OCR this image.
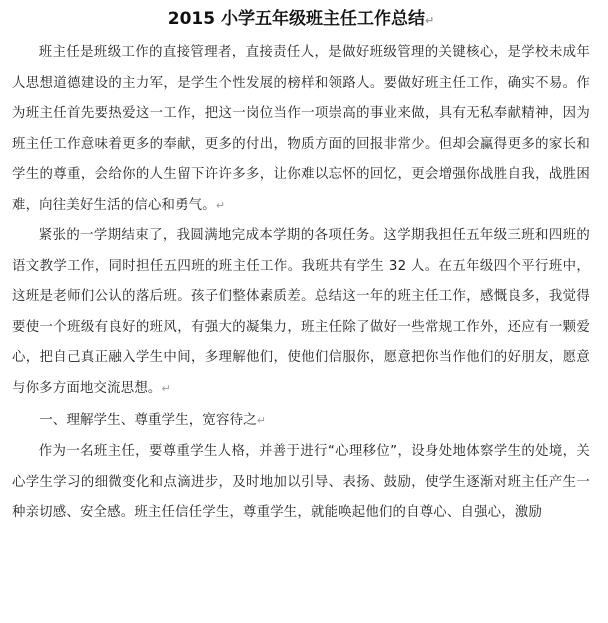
2015 小学五年级班主任工作总结↵

班主任是班级工作的直接管理者，直接责任人，是做好班级管理的关键核心，是学校未成年人思想道德建设的主力军，是学生个性发展的榜样和领路人。要做好班主任工作，确实不易。作为班主任首先要热爱这一工作，把这一岗位当作一项崇高的事业来做，具有无私奉献精神，因为班主任工作意味着更多的奉献，更多的付出，物质方面的回报非常少。但却会赢得更多的家长和学生的尊重，会给你的人生留下许许多多，让你难以忘怀的回忆，更会增强你战胜自我，战胜困难，向往美好生活的信心和勇气。↵

紧张的一学期结束了，我圆满地完成本学期的各项任务。这学期我担任五年级三班和四班的语文教学工作，同时担任五四班的班主任工作。我班共有学生 32 人。在五年级四个平行班中，这班是老师们公认的落后班。孩子们整体素质差。总结这一年的班主任工作，感慨良多，我觉得要使一个班级有良好的班风，有强大的凝集力，班主任除了做好一些常规工作外，还应有一颗爱心，把自己真正融入学生中间，多理解他们，使他们信服你，愿意把你当作他们的好朋友，愿意与你多方面地交流思想。↵

一、理解学生、尊重学生，宽容待之↵

作为一名班主任，要尊重学生人格，并善于进行“心理移位”，设身处地体察学生的处境，关心学生学习的细微变化和点滴进步，及时地加以引导、表扬、鼓励，使学生逐渐对班主任产生一种亲切感、安全感。班主任信任学生，尊重学生，就能唤起他们的自尊心、自强心，激励
